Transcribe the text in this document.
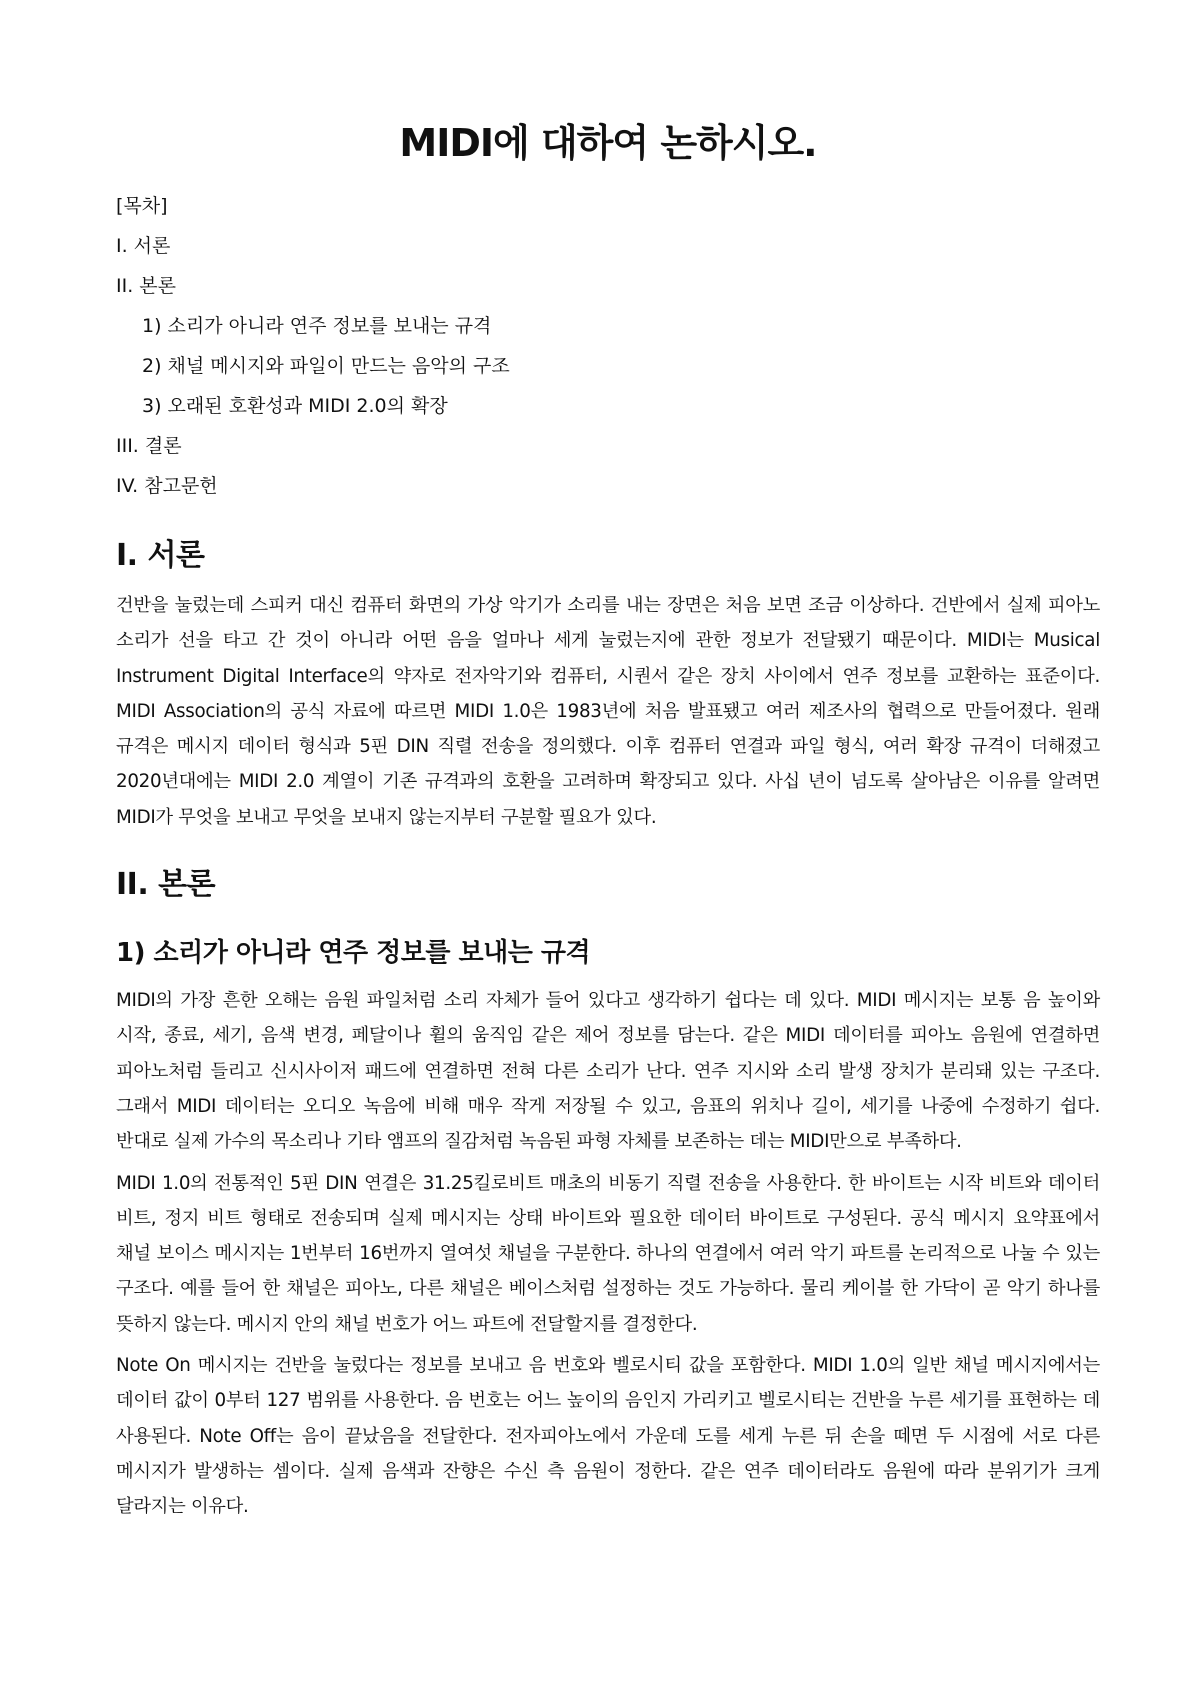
MIDI에 대하여 논하시오.
[목차]
I. 서론
II. 본론
1) 소리가 아니라 연주 정보를 보내는 규격
2) 채널 메시지와 파일이 만드는 음악의 구조
3) 오래된 호환성과 MIDI 2.0의 확장
III. 결론
IV. 참고문헌
I. 서론

건반을 눌렀는데 스피커 대신 컴퓨터 화면의 가상 악기가 소리를 내는 장면은 처음 보면 조금 이상하다. 건반에서 실제 피아노 소리가 선을 타고 간 것이 아니라 어떤 음을 얼마나 세게 눌렀는지에 관한 정보가 전달됐기 때문이다. MIDI는 Musical Instrument Digital Interface의 약자로 전자악기와 컴퓨터, 시퀀서 같은 장치 사이에서 연주 정보를 교환하는 표준이다. MIDI Association의 공식 자료에 따르면 MIDI 1.0은 1983년에 처음 발표됐고 여러 제조사의 협력으로 만들어졌다. 원래 규격은 메시지 데이터 형식과 5핀 DIN 직렬 전송을 정의했다. 이후 컴퓨터 연결과 파일 형식, 여러 확장 규격이 더해졌고 2020년대에는 MIDI 2.0 계열이 기존 규격과의 호환을 고려하며 확장되고 있다. 사십 년이 넘도록 살아남은 이유를 알려면 MIDI가 무엇을 보내고 무엇을 보내지 않는지부터 구분할 필요가 있다.

II. 본론
1) 소리가 아니라 연주 정보를 보내는 규격

MIDI의 가장 흔한 오해는 음원 파일처럼 소리 자체가 들어 있다고 생각하기 쉽다는 데 있다. MIDI 메시지는 보통 음 높이와 시작, 종료, 세기, 음색 변경, 페달이나 휠의 움직임 같은 제어 정보를 담는다. 같은 MIDI 데이터를 피아노 음원에 연결하면 피아노처럼 들리고 신시사이저 패드에 연결하면 전혀 다른 소리가 난다. 연주 지시와 소리 발생 장치가 분리돼 있는 구조다. 그래서 MIDI 데이터는 오디오 녹음에 비해 매우 작게 저장될 수 있고, 음표의 위치나 길이, 세기를 나중에 수정하기 쉽다. 반대로 실제 가수의 목소리나 기타 앰프의 질감처럼 녹음된 파형 자체를 보존하는 데는 MIDI만으로 부족하다.

MIDI 1.0의 전통적인 5핀 DIN 연결은 31.25킬로비트 매초의 비동기 직렬 전송을 사용한다. 한 바이트는 시작 비트와 데이터 비트, 정지 비트 형태로 전송되며 실제 메시지는 상태 바이트와 필요한 데이터 바이트로 구성된다. 공식 메시지 요약표에서 채널 보이스 메시지는 1번부터 16번까지 열여섯 채널을 구분한다. 하나의 연결에서 여러 악기 파트를 논리적으로 나눌 수 있는 구조다. 예를 들어 한 채널은 피아노, 다른 채널은 베이스처럼 설정하는 것도 가능하다. 물리 케이블 한 가닥이 곧 악기 하나를 뜻하지 않는다. 메시지 안의 채널 번호가 어느 파트에 전달할지를 결정한다.

Note On 메시지는 건반을 눌렀다는 정보를 보내고 음 번호와 벨로시티 값을 포함한다. MIDI 1.0의 일반 채널 메시지에서는 데이터 값이 0부터 127 범위를 사용한다. 음 번호는 어느 높이의 음인지 가리키고 벨로시티는 건반을 누른 세기를 표현하는 데 사용된다. Note Off는 음이 끝났음을 전달한다. 전자피아노에서 가운데 도를 세게 누른 뒤 손을 떼면 두 시점에 서로 다른 메시지가 발생하는 셈이다. 실제 음색과 잔향은 수신 측 음원이 정한다. 같은 연주 데이터라도 음원에 따라 분위기가 크게 달라지는 이유다.
